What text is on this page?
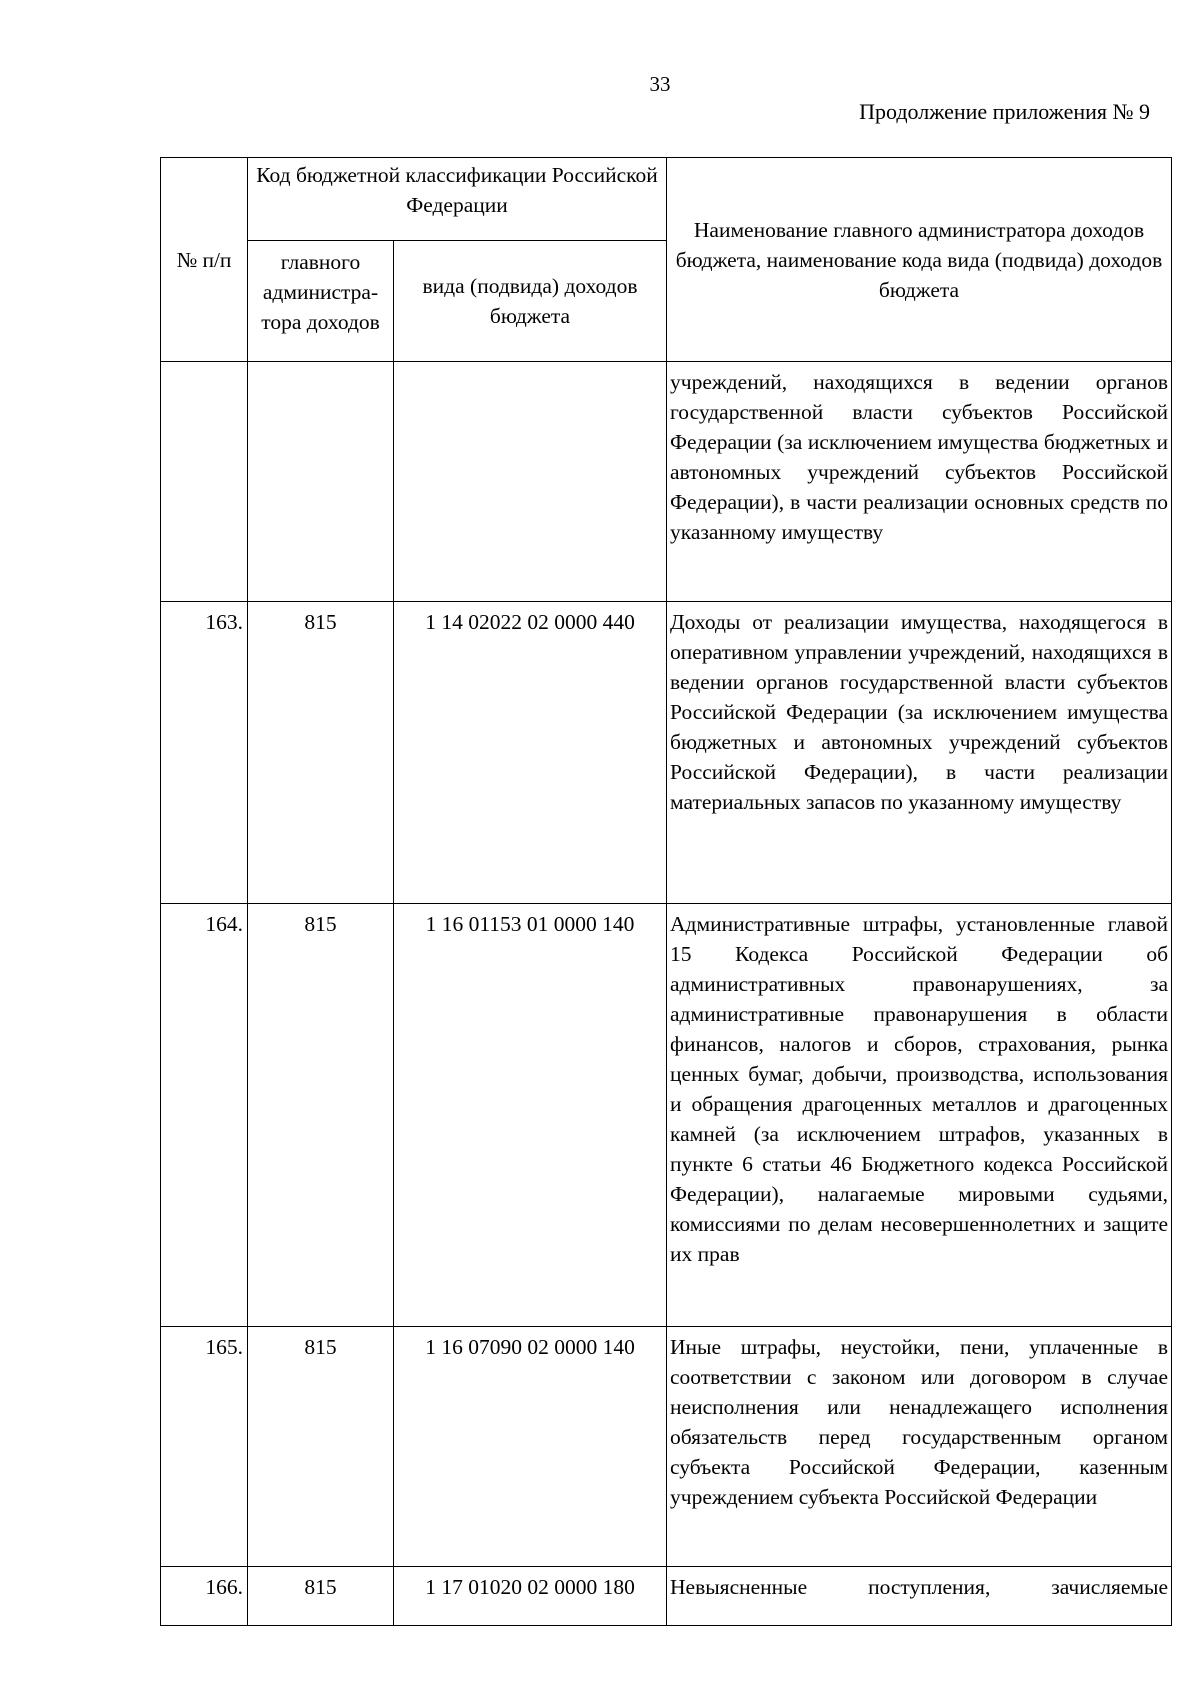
33
Продолжение приложения № 9
№ п/п	Код бюджетной классификации Российской Федерации		Наименование главного администратора доходов бюджета, наименование кода вида (подвида) доходов бюджета
	главного администра-тора доходов	вида (подвида) доходов бюджета	
			учреждений, находящихся в ведении органов государственной власти субъектов Российской Федерации (за исключением имущества бюджетных и автономных учреждений субъектов Российской Федерации), в части реализации основных средств по указанному имуществу
163.	815	1 14 02022 02 0000 440	Доходы от реализации имущества, находящегося в оперативном управлении учреждений, находящихся в ведении органов государственной власти субъектов Российской Федерации (за исключением имущества бюджетных и автономных учреждений субъектов Российской Федерации), в части реализации материальных запасов по указанному имуществу
164.	815	1 16 01153 01 0000 140	Административные штрафы, установленные главой 15 Кодекса Российской Федерации об административных правонарушениях, за административные правонарушения в области финансов, налогов и сборов, страхования, рынка ценных бумаг, добычи, производства, использования и обращения драгоценных металлов и драгоценных камней (за исключением штрафов, указанных в пункте 6 статьи 46 Бюджетного кодекса Российской Федерации), налагаемые мировыми судьями, комиссиями по делам несовершеннолетних и защите их прав
165.	815	1 16 07090 02 0000 140	Иные штрафы, неустойки, пени, уплаченные в соответствии с законом или договором в случае неисполнения или ненадлежащего исполнения обязательств перед государственным органом субъекта Российской Федерации, казенным учреждением субъекта Российской Федерации
166.	815	1 17 01020 02 0000 180	Невыясненные поступления, зачисляемые
